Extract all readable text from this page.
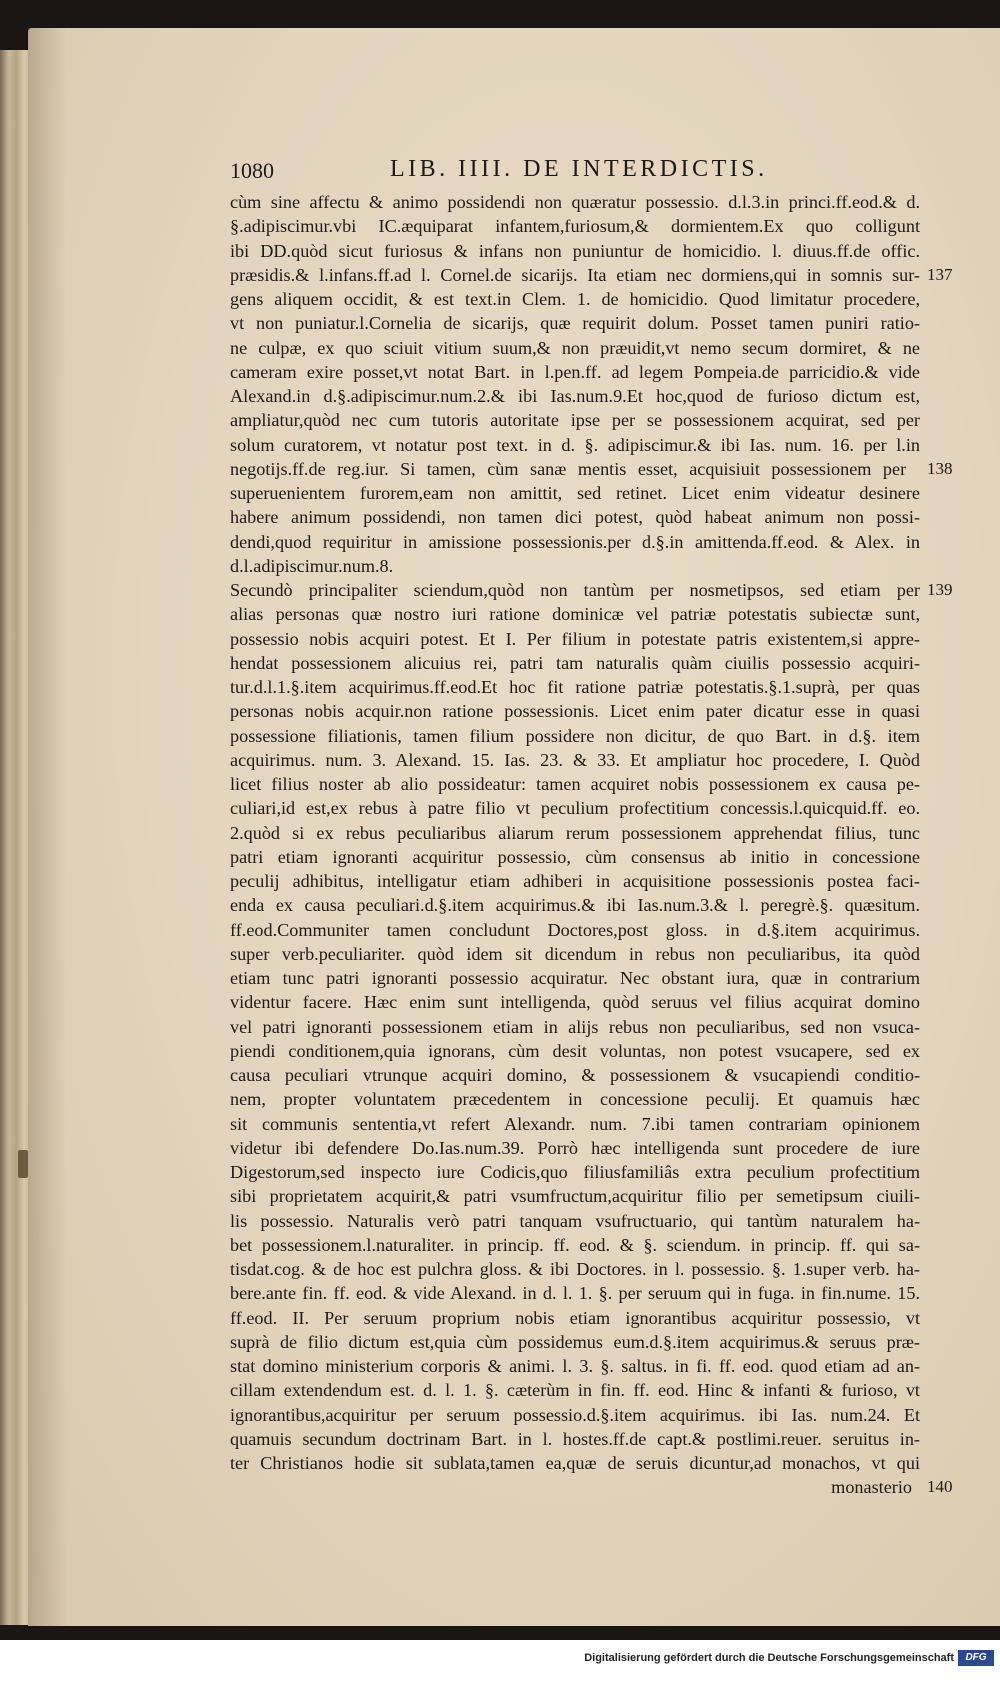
1080	LIB. IIII. DE INTERDICTIS.
cùm sine affectu & animo possidendi non quæratur possessio. d.l.3.in princi.ff.eod.& d.
§.adipiscimur.vbi IC.æquiparat infantem,furiosum,& dormientem.Ex quo colligunt
ibi DD.quòd sicut furiosus & infans non puniuntur de homicidio. l. diuus.ff.de offic.
præsidis.& l.infans.ff.ad l. Cornel.de sicarijs. Ita etiam nec dormiens,qui in somnis sur-
gens aliquem occidit, & est text.in Clem. 1. de homicidio. Quod limitatur procedere,
vt non puniatur.l.Cornelia de sicarijs, quæ requirit dolum. Posset tamen puniri ratio-
ne culpæ, ex quo sciuit vitium suum,& non præuidit,vt nemo secum dormiret, & ne
cameram exire posset,vt notat Bart. in l.pen.ff. ad legem Pompeia.de parricidio.& vide
Alexand.in d.§.adipiscimur.num.2.& ibi Ias.num.9.Et hoc,quod de furioso dictum est,
ampliatur,quòd nec cum tutoris autoritate ipse per se possessionem acquirat, sed per
solum curatorem, vt notatur post text. in d. §. adipiscimur.& ibi Ias. num. 16. per l.in
negotijs.ff.de reg.iur. Si tamen, cùm sanæ mentis esset, acquisiuit possessionem per
superuenientem furorem,eam non amittit, sed retinet. Licet enim videatur desinere
habere animum possidendi, non tamen dici potest, quòd habeat animum non possi-
dendi,quod requiritur in amissione possessionis.per d.§.in amittenda.ff.eod. & Alex. in
d.l.adipiscimur.num.8.
Secundò principaliter sciendum,quòd non tantùm per nosmetipsos, sed etiam per
alias personas quæ nostro iuri ratione dominicæ vel patriæ potestatis subiectæ sunt,
possessio nobis acquiri potest. Et I. Per filium in potestate patris existentem,si appre-
hendat possessionem alicuius rei, patri tam naturalis quàm ciuilis possessio acquiri-
tur.d.l.1.§.item acquirimus.ff.eod.Et hoc fit ratione patriæ potestatis.§.1.suprà, per quas
personas nobis acquir.non ratione possessionis. Licet enim pater dicatur esse in quasi
possessione filiationis, tamen filium possidere non dicitur, de quo Bart. in d.§. item
acquirimus. num. 3. Alexand. 15. Ias. 23. & 33. Et ampliatur hoc procedere, I. Quòd
licet filius noster ab alio possideatur: tamen acquiret nobis possessionem ex causa pe-
culiari,id est,ex rebus à patre filio vt peculium profectitium concessis.l.quicquid.ff. eo.
2.quòd si ex rebus peculiaribus aliarum rerum possessionem apprehendat filius, tunc
patri etiam ignoranti acquiritur possessio, cùm consensus ab initio in concessione
peculij adhibitus, intelligatur etiam adhiberi in acquisitione possessionis postea faci-
enda ex causa peculiari.d.§.item acquirimus.& ibi Ias.num.3.& l. peregrè.§. quæsitum.
ff.eod.Communiter tamen concludunt Doctores,post gloss. in d.§.item acquirimus.
super verb.peculiariter. quòd idem sit dicendum in rebus non peculiaribus, ita quòd
etiam tunc patri ignoranti possessio acquiratur. Nec obstant iura, quæ in contrarium
videntur facere. Hæc enim sunt intelligenda, quòd seruus vel filius acquirat domino
vel patri ignoranti possessionem etiam in alijs rebus non peculiaribus, sed non vsuca-
piendi conditionem,quia ignorans, cùm desit voluntas, non potest vsucapere, sed ex
causa peculiari vtrunque acquiri domino, & possessionem & vsucapiendi conditio-
nem, propter voluntatem præcedentem in concessione peculij. Et quamuis hæc
sit communis sententia,vt refert Alexandr. num. 7.ibi tamen contrariam opinionem
videtur ibi defendere Do.Ias.num.39. Porrò hæc intelligenda sunt procedere de iure
Digestorum,sed inspecto iure Codicis,quo filiusfamiliâs extra peculium profectitium
sibi proprietatem acquirit,& patri vsumfructum,acquiritur filio per semetipsum ciuili-
lis possessio. Naturalis verò patri tanquam vsufructuario, qui tantùm naturalem ha-
bet possessionem.l.naturaliter. in princip. ff. eod. & §. sciendum. in princip. ff. qui sa-
tisdat.cog. & de hoc est pulchra gloss. & ibi Doctores. in l. possessio. §. 1.super verb. ha-
bere.ante fin. ff. eod. & vide Alexand. in d. l. 1. §. per seruum qui in fuga. in fin.nume. 15.
ff.eod. II. Per seruum proprium nobis etiam ignorantibus acquiritur possessio, vt
suprà de filio dictum est,quia cùm possidemus eum.d.§.item acquirimus.& seruus præ-
stat domino ministerium corporis & animi. l. 3. §. saltus. in fi. ff. eod. quod etiam ad an-
cillam extendendum est. d. l. 1. §. cæterùm in fin. ff. eod. Hinc & infanti & furioso, vt
ignorantibus,acquiritur per seruum possessio.d.§.item acquirimus. ibi Ias. num.24. Et
quamuis secundum doctrinam Bart. in l. hostes.ff.de capt.& postlimi.reuer. seruitus in-
ter Christianos hodie sit sublata,tamen ea,quæ de seruis dicuntur,ad monachos, vt qui
monasterio
137
138
139
140
Digitalisierung gefördert durch die Deutsche Forschungsgemeinschaft	DFG
